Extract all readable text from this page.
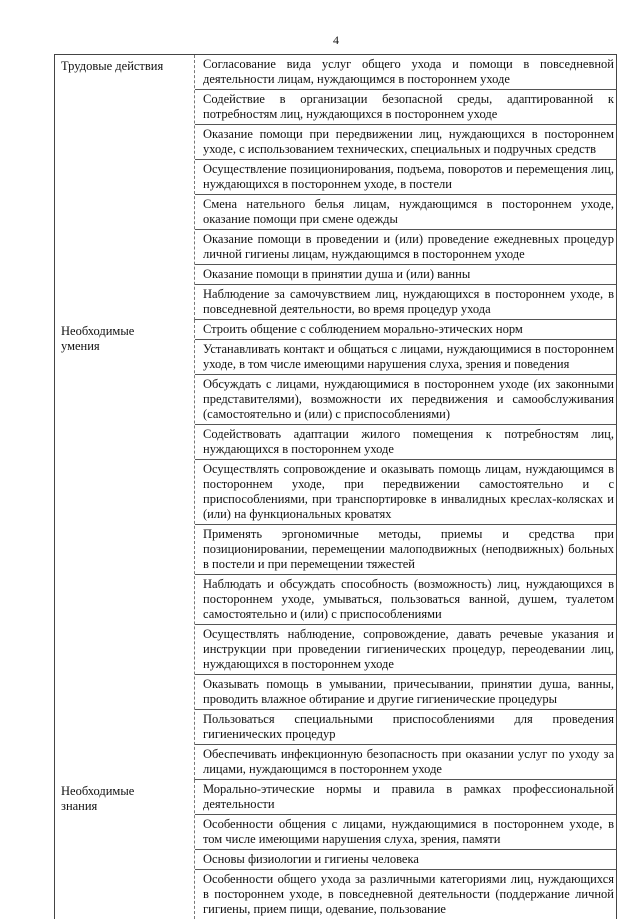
4
Трудовые действия	Согласование вида услуг общего ухода и помощи в повседневной деятельности лицам, нуждающимся в постороннем уходе
Содействие в организации безопасной среды, адаптированной к потребностям лиц, нуждающихся в постороннем уходе
Оказание помощи при передвижении лиц, нуждающихся в постороннем уходе, с использованием технических, специальных и подручных средств
Осуществление позиционирования, подъема, поворотов и перемещения лиц, нуждающихся в постороннем уходе, в постели
Смена нательного белья лицам, нуждающимся в постороннем уходе, оказание помощи при смене одежды
Оказание помощи в проведении и (или) проведение ежедневных процедур личной гигиены лицам, нуждающимся в постороннем уходе
Оказание помощи в принятии душа и (или) ванны
Наблюдение за самочувствием лиц, нуждающихся в постороннем уходе, в повседневной деятельности, во время процедур ухода
Необходимые
умения
Строить общение с соблюдением морально-этических норм
Устанавливать контакт и общаться с лицами, нуждающимися в постороннем уходе, в том числе имеющими нарушения слуха, зрения и поведения
Обсуждать с лицами, нуждающимися в постороннем уходе (их законными представителями), возможности их передвижения и самообслуживания (самостоятельно и (или) с приспособлениями)
Содействовать адаптации жилого помещения к потребностям лиц, нуждающихся в постороннем уходе
Осуществлять сопровождение и оказывать помощь лицам, нуждающимся в постороннем уходе, при передвижении самостоятельно и с приспособлениями, при транспортировке в инвалидных креслах-колясках и (или) на функциональных кроватях
Применять эргономичные методы, приемы и средства при позиционировании, перемещении малоподвижных (неподвижных) больных в постели и при перемещении тяжестей
Наблюдать и обсуждать способность (возможность) лиц, нуждающихся в постороннем уходе, умываться, пользоваться ванной, душем, туалетом самостоятельно и (или) с приспособлениями
Осуществлять наблюдение, сопровождение, давать речевые указания и инструкции при проведении гигиенических процедур, переодевании лиц, нуждающихся в постороннем уходе
Оказывать помощь в умывании, причесывании, принятии душа, ванны, проводить влажное обтирание и другие гигиенические процедуры
Пользоваться специальными приспособлениями для проведения гигиенических процедур
Обеспечивать инфекционную безопасность при оказании услуг по уходу за лицами, нуждающимся в постороннем уходе
Необходимые
знания
Морально-этические нормы и правила в рамках профессиональной деятельности
Особенности общения с лицами, нуждающимися в постороннем уходе, в том числе имеющими нарушения слуха, зрения, памяти
Основы физиологии и гигиены человека
Особенности общего ухода за различными категориями лиц, нуждающихся в постороннем уходе, в повседневной деятельности (поддержание личной гигиены, прием пищи, одевание, пользование
